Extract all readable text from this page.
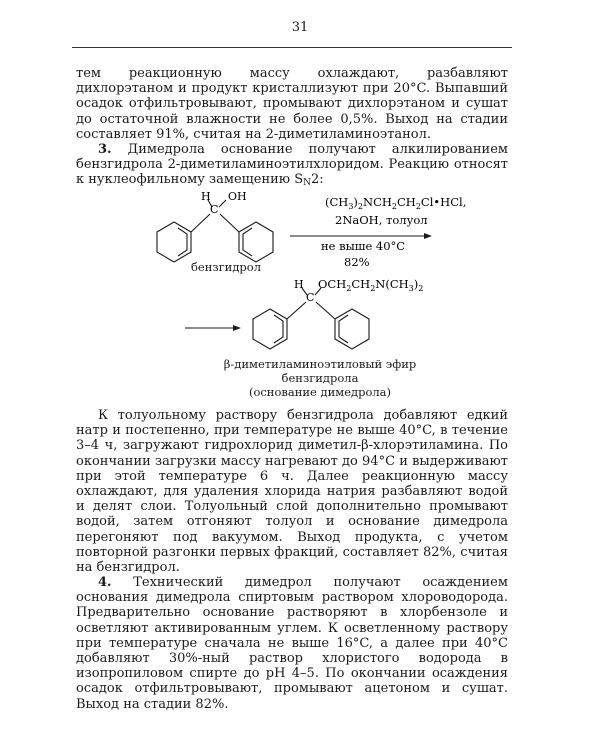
31

тем реакционную массу охлаждают, разбавляют дихлорэтаном и продукт кристаллизуют при 20°C. Выпавший осадок отфильтровывают, промывают дихлорэтаном и сушат до остаточной влажности не более 0,5%. Выход на стадии составляет 91%, считая на 2-диметиламиноэтанол.

3. Димедрола основание получают алкилированием бензгидрола 2-диметиламиноэтилхлоридом. Реакцию относят к нуклеофильному замещению $S_N2$:

H OH
C
$(CH_3)_2NCH_2CH_2Cl•HCl$,
2NaOH, толуол
не выше 40°C
82%
H
C
$OCH_2CH_2N(CH_3)_2$
бензгидрол
β-диметиламиноэтиловый эфир
бензгидрола
(основание димедрола)

К толуольному раствору бензгидрола добавляют едкий натр и постепенно, при температуре не выше 40°C, в течение 3–4 ч, загружают гидрохлорид диметил-β-хлорэтиламина. По окончании загрузки массу нагревают до 94°C и выдерживают при этой температуре 6 ч. Далее реакционную массу охлаждают, для удаления хлорида натрия разбавляют водой и делят слои. Толуольный слой дополнительно промывают водой, затем отгоняют толуол и основание димедрола перегоняют под вакуумом. Выход продукта, с учетом повторной разгонки первых фракций, составляет 82%, считая на бензгидрол.

4. Технический димедрол получают осаждением основания димедрола спиртовым раствором хлороводорода. Предварительно основание растворяют в хлорбензоле и осветляют активированным углем. К осветленному раствору при температуре сначала не выше 16°C, а далее при 40°C добавляют 30%-ный раствор хлористого водорода в изопропиловом спирте до pH 4–5. По окончании осаждения осадок отфильтровывают, промывают ацетоном и сушат. Выход на стадии 82%.
